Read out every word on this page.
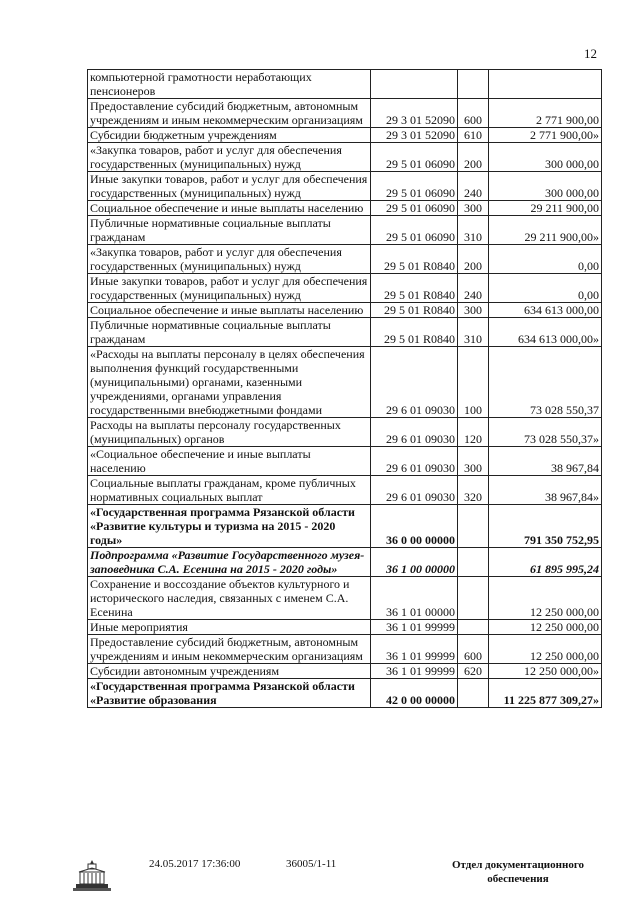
12
компьютерной грамотности неработающих пенсионеров				
Предоставление субсидий бюджетным, автономным учреждениям и иным некоммерческим организациям	29 3 01 52090	600		2 771 900,00
Субсидии бюджетным учреждениям	29 3 01 52090	610		2 771 900,00»
«Закупка товаров, работ и услуг для обеспечения государственных (муниципальных) нужд	29 5 01 06090	200		300 000,00
Иные закупки товаров, работ и услуг для обеспечения государственных (муниципальных) нужд	29 5 01 06090	240		300 000,00
Социальное обеспечение и иные выплаты населению	29 5 01 06090	300		29 211 900,00
Публичные нормативные социальные выплаты гражданам	29 5 01 06090	310		29 211 900,00»
«Закупка товаров, работ и услуг для обеспечения государственных (муниципальных) нужд	29 5 01 R0840	200		0,00
Иные закупки товаров, работ и услуг для обеспечения государственных (муниципальных) нужд	29 5 01 R0840	240		0,00
Социальное обеспечение и иные выплаты населению	29 5 01 R0840	300		634 613 000,00
Публичные нормативные социальные выплаты гражданам	29 5 01 R0840	310		634 613 000,00»
«Расходы на выплаты персоналу в целях обеспечения выполнения функций государственными (муниципальными) органами, казенными учреждениями, органами управления государственными внебюджетными фондами	29 6 01 09030	100		73 028 550,37
Расходы на выплаты персоналу государственных (муниципальных) органов	29 6 01 09030	120		73 028 550,37»
«Социальное обеспечение и иные выплаты населению	29 6 01 09030	300		38 967,84
Социальные выплаты гражданам, кроме публичных нормативных социальных выплат	29 6 01 09030	320		38 967,84»
«Государственная программа Рязанской области «Развитие культуры и туризма на 2015 - 2020 годы»	36 0 00 00000			791 350 752,95
Подпрограмма «Развитие Государственного музея-заповедника С.А. Есенина на 2015 - 2020 годы»	36 1 00 00000			61 895 995,24
Сохранение и воссоздание объектов культурного и исторического наследия, связанных с именем С.А. Есенина	36 1 01 00000			12 250 000,00
Иные мероприятия	36 1 01 99999			12 250 000,00
Предоставление субсидий бюджетным, автономным учреждениям и иным некоммерческим организациям	36 1 01 99999	600		12 250 000,00
Субсидии автономным учреждениям	36 1 01 99999	620		12 250 000,00»
«Государственная программа Рязанской области «Развитие образования	42 0 00 00000			11 225 877 309,27»
24.05.2017 17:36:00	36005/1-11	Отдел документационного обеспечения
